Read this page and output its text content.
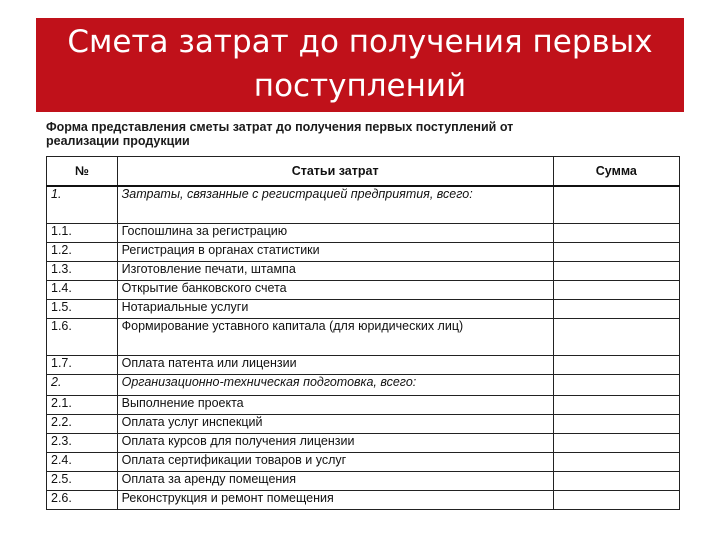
Смета затрат до получения первых
поступлений
Форма представления сметы затрат до получения первых поступлений от
реализации продукции
№	Статьи затрат	Сумма
1.	Затраты, связанные с регистрацией предприятия, всего:	
1.1.	Госпошлина за регистрацию	
1.2.	Регистрация в органах статистики	
1.3.	Изготовление печати, штампа	
1.4.	Открытие банковского счета	
1.5.	Нотариальные услуги	
1.6.	Формирование уставного капитала (для юридических лиц)	
1.7.	Оплата патента или лицензии	
2.	Организационно-техническая подготовка, всего:	
2.1.	Выполнение проекта	
2.2.	Оплата услуг инспекций	
2.3.	Оплата курсов для получения лицензии	
2.4.	Оплата сертификации товаров и услуг	
2.5.	Оплата за аренду помещения	
2.6.	Реконструкция и ремонт помещения	
